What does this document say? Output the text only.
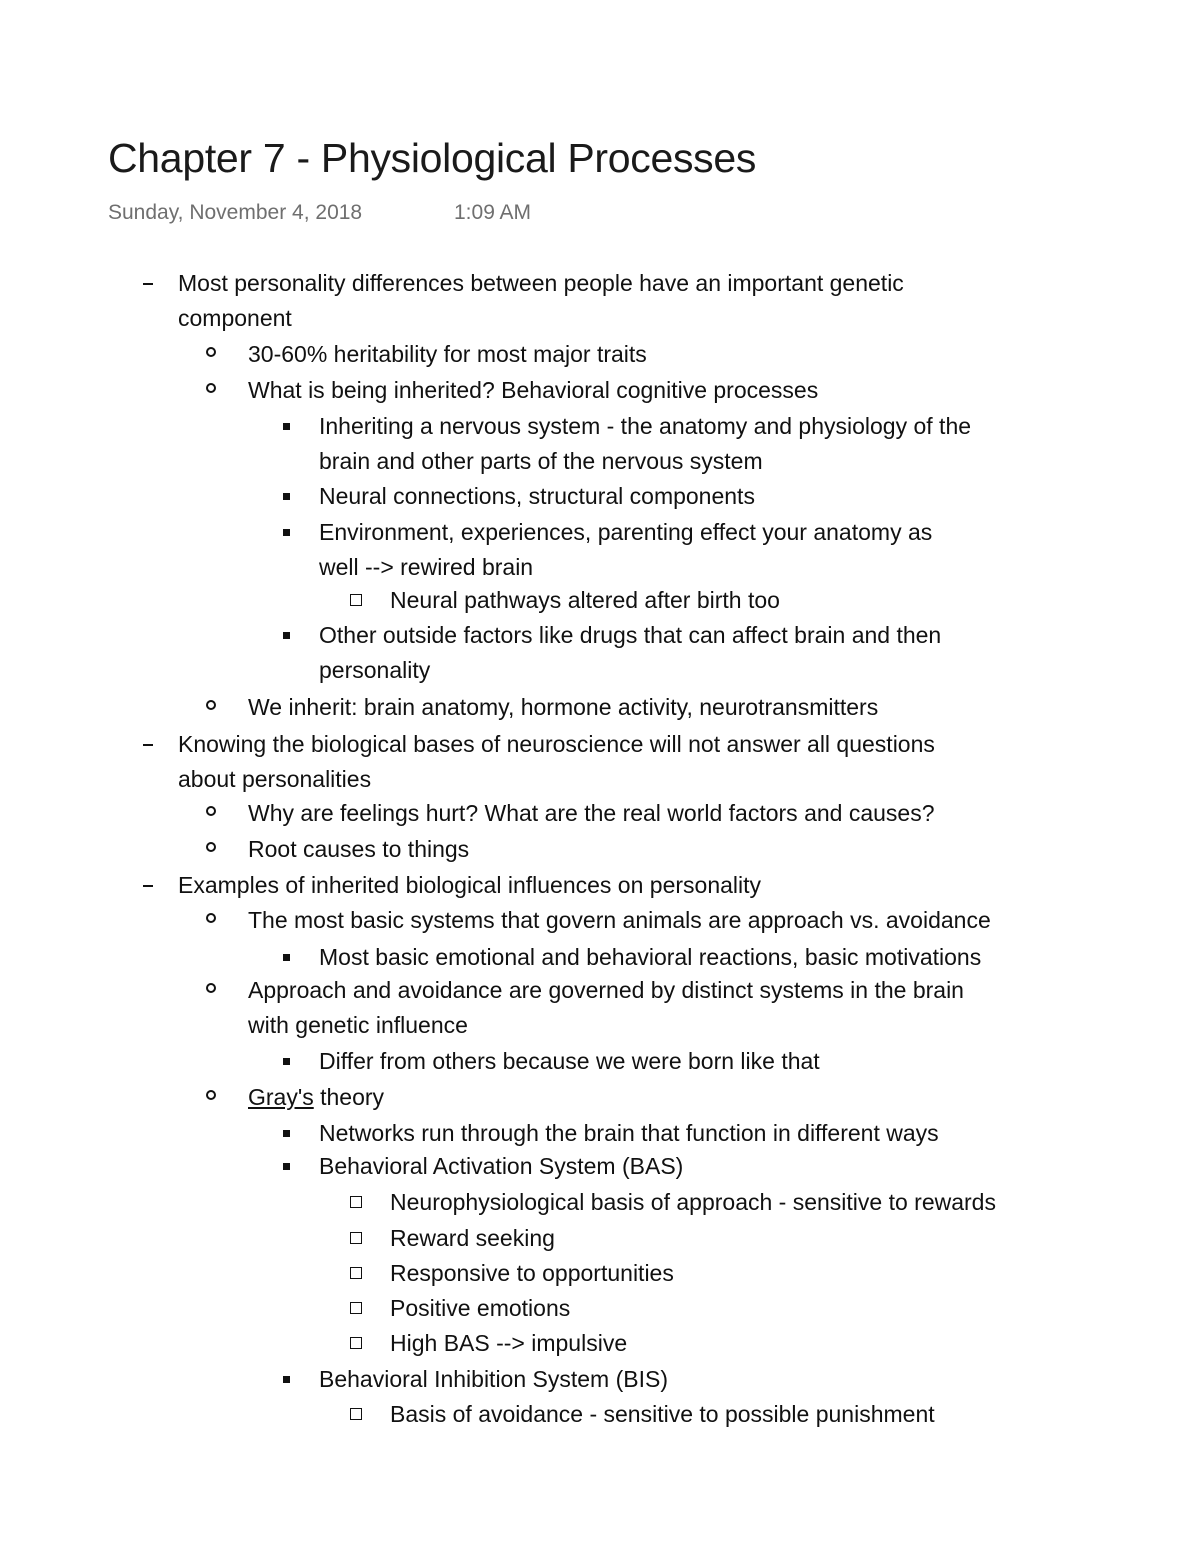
Chapter 7 - Physiological Processes
Sunday, November 4, 2018	1:09 AM
Most personality differences between people have an important genetic
component
30-60% heritability for most major traits
What is being inherited? Behavioral cognitive processes
Inheriting a nervous system - the anatomy and physiology of the
brain and other parts of the nervous system
Neural connections, structural components
Environment, experiences, parenting effect your anatomy as
well --> rewired brain
Neural pathways altered after birth too
Other outside factors like drugs that can affect brain and then
personality
We inherit: brain anatomy, hormone activity, neurotransmitters
Knowing the biological bases of neuroscience will not answer all questions
about personalities
Why are feelings hurt? What are the real world factors and causes?
Root causes to things
Examples of inherited biological influences on personality
The most basic systems that govern animals are approach vs. avoidance
Most basic emotional and behavioral reactions, basic motivations
Approach and avoidance are governed by distinct systems in the brain
with genetic influence
Differ from others because we were born like that
Gray's theory
Networks run through the brain that function in different ways
Behavioral Activation System (BAS)
Neurophysiological basis of approach - sensitive to rewards
Reward seeking
Responsive to opportunities
Positive emotions
High BAS --> impulsive
Behavioral Inhibition System (BIS)
Basis of avoidance - sensitive to possible punishment
